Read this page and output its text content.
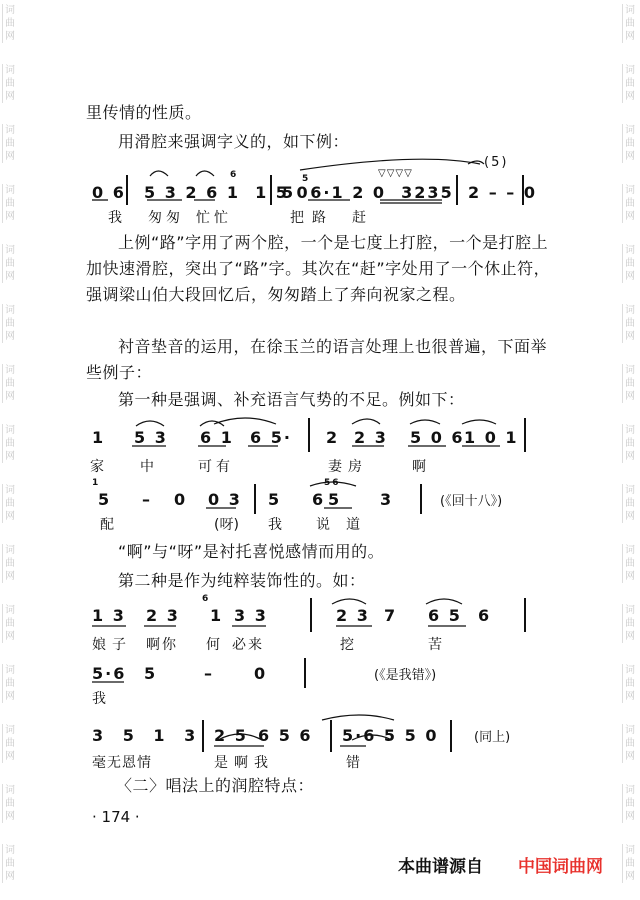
词曲网
词曲网
词曲网
词曲网
词曲网
词曲网
词曲网
词曲网
词曲网
词曲网
词曲网
词曲网
词曲网
词曲网
词曲网
词曲网
词曲网
词曲网
词曲网
词曲网
词曲网
词曲网
词曲网
词曲网
词曲网
词曲网
词曲网
词曲网
词曲网
词曲网
里传情的性质。
用滑腔来强调字义的，如下例：
0 6 5 3 2 6 1  1 5 0
5  6·1 2 0  3235 2 – – 0
6	5
(5)
▽▽▽▽
我 匆匆 忙忙	把路 赶
上例“路”字用了两个腔，一个是七度上打腔，一个是打腔上加快速滑腔，突出了“路”字。其次在“赶”字处用了一个休止符，强调梁山伯大段回忆后，匆匆踏上了奔向祝家之程。
衬音垫音的运用，在徐玉兰的语言处理上也很普遍，下面举些例子：
第一种是强调、补充语言气势的不足。例如下：
1 5 3 6 1 6 5· 2 2 3 5 0 6 1 0 1
家 中 可有	妻房	啊
1
5 – 0 0 3 5 6 5 3
56
(《回十八》)
配	(呀) 我 说 道
“啊”与“呀”是衬托喜悦感情而用的。
第二种是作为纯粹装饰性的。如：
1 3 2 3 1 3 3	2 3 7 6 5 6
6
娘子 啊你 何
必来	挖	苦
5·6 5	–	0	(《是我错》)
我
3 5 1 3 2 5 6 5 6 5·6 5 5 0	(同上)
毫无恩情	是啊我	错
〈二〉唱法上的润腔特点：
· 174 ·
本曲谱源自 中国词曲网
